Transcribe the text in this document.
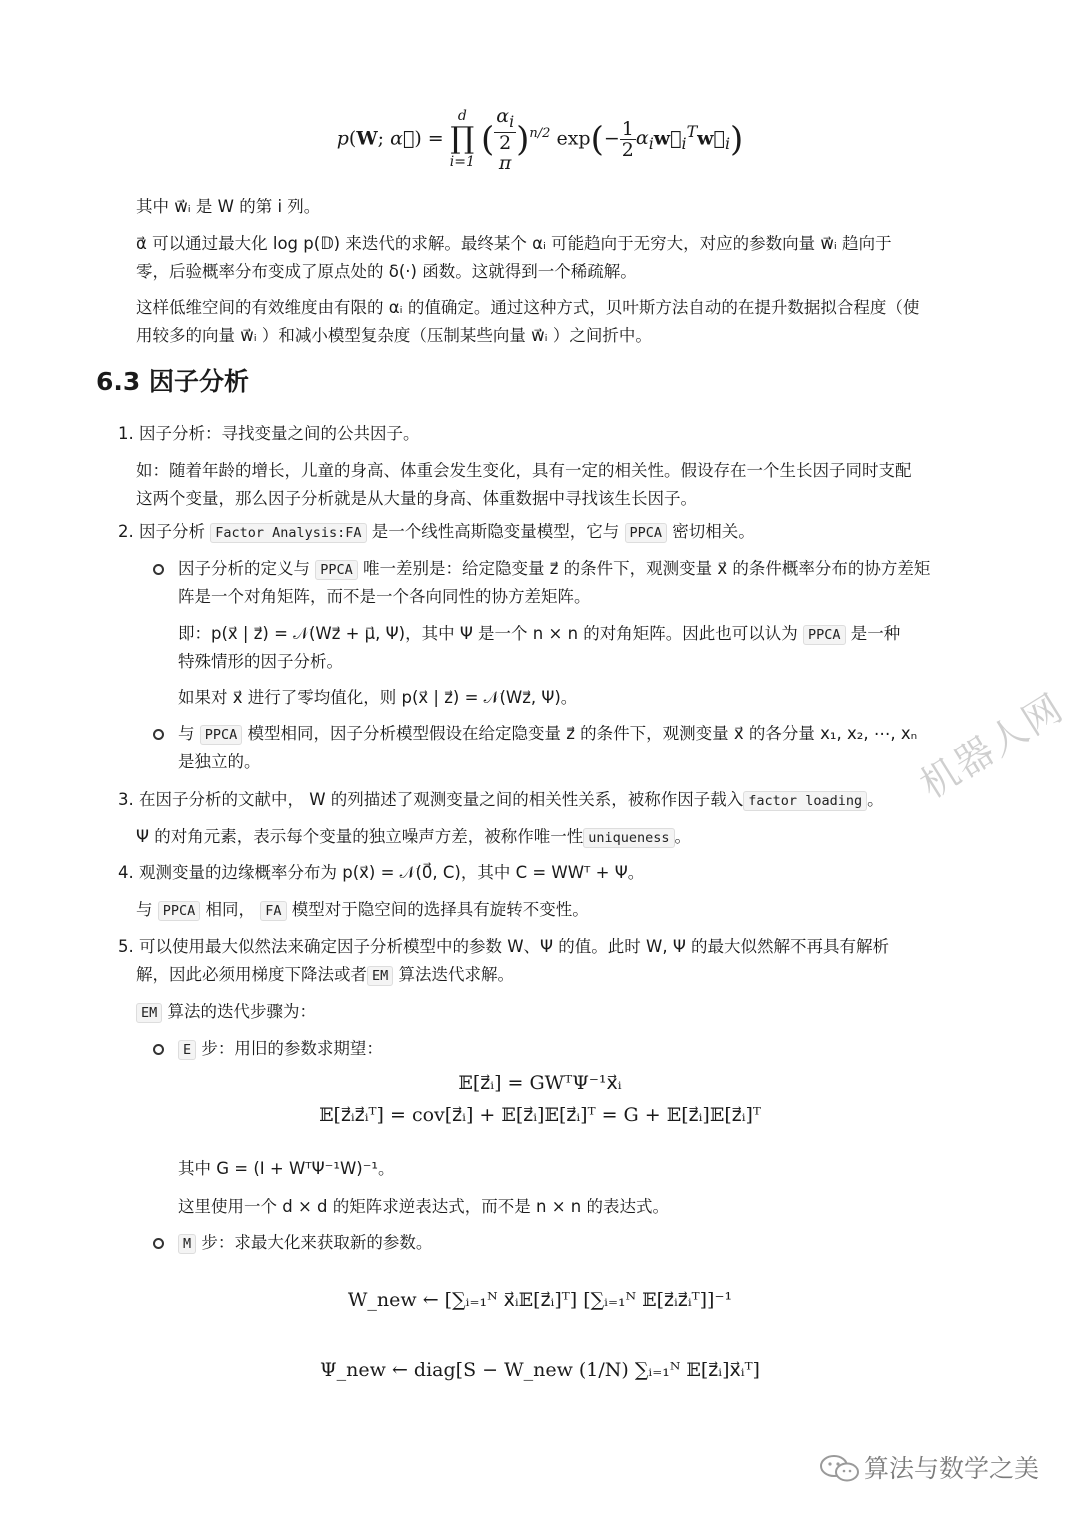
p(W; α⃗) =
d
∏
i=1
( $\alpha_i$
2
π )$^{n/2}$ $\exp(- \frac{1}{2}$ $\alpha_iw⃗_i^Tw⃗_i$)
其中 w⃗ᵢ 是 W 的第 i 列。
α⃗ 可以通过最大化 log p(𝔻) 来迭代的求解。最终某个 αᵢ 可能趋向于无穷大，对应的参数向量 w⃗ᵢ 趋向于
零，后验概率分布变成了原点处的 δ(·) 函数。这就得到一个稀疏解。
这样低维空间的有效维度由有限的 αᵢ 的值确定。通过这种方式，贝叶斯方法自动的在提升数据拟合程度（使
用较多的向量 w⃗ᵢ ）和减小模型复杂度（压制某些向量 w⃗ᵢ ）之间折中。
6.3 因子分析
1. 因子分析：寻找变量之间的公共因子。
如：随着年龄的增长，儿童的身高、体重会发生变化，具有一定的相关性。假设存在一个生长因子同时支配
这两个变量，那么因子分析就是从大量的身高、体重数据中寻找该生长因子。
2. 因子分析 Factor Analysis:FA 是一个线性高斯隐变量模型，它与 PPCA 密切相关。
因子分析的定义与 PPCA 唯一差别是：给定隐变量 z⃗ 的条件下，观测变量 x⃗ 的条件概率分布的协方差矩
阵是一个对角矩阵，而不是一个各向同性的协方差矩阵。
即：p(x⃗ | z⃗) = 𝒩(Wz⃗ + μ⃗, Ψ)，其中 Ψ 是一个 n × n 的对角矩阵。因此也可以认为 PPCA 是一种
特殊情形的因子分析。
如果对 x⃗ 进行了零均值化，则 p(x⃗ | z⃗) = 𝒩(Wz⃗, Ψ)。
与 PPCA 模型相同，因子分析模型假设在给定隐变量 z⃗ 的条件下，观测变量 x⃗ 的各分量 x₁, x₂, ⋯, xₙ
是独立的。
3. 在因子分析的文献中， W 的列描述了观测变量之间的相关性关系，被称作因子载入 factor loading 。
Ψ 的对角元素，表示每个变量的独立噪声方差，被称作唯一性 uniqueness 。
4. 观测变量的边缘概率分布为 p(x⃗) = 𝒩(0⃗, C)，其中 C = WWᵀ + Ψ。
与 PPCA 相同， FA 模型对于隐空间的选择具有旋转不变性。
5. 可以使用最大似然法来确定因子分析模型中的参数 W、Ψ 的值。此时 W, Ψ 的最大似然解不再具有解析
解，因此必须用梯度下降法或者 EM 算法迭代求解。
EM 算法的迭代步骤为：
E 步：用旧的参数求期望：
𝔼[z⃗ᵢ] = GWᵀΨ⁻¹x⃗ᵢ
𝔼[z⃗ᵢz⃗ᵢᵀ] = cov[z⃗ᵢ] + 𝔼[z⃗ᵢ]𝔼[z⃗ᵢ]ᵀ = G + 𝔼[z⃗ᵢ]𝔼[z⃗ᵢ]ᵀ
其中 G = (I + WᵀΨ⁻¹W)⁻¹。
这里使用一个 d × d 的矩阵求逆表达式，而不是 n × n 的表达式。
M 步：求最大化来获取新的参数。
W_new ← [∑ᵢ₌₁ᴺ x⃗ᵢ𝔼[z⃗ᵢ]ᵀ] [∑ᵢ₌₁ᴺ 𝔼[z⃗ᵢz⃗ᵢᵀ]]⁻¹
Ψ_new ← diag[S − W_new (1/N) ∑ᵢ₌₁ᴺ 𝔼[z⃗ᵢ]x⃗ᵢᵀ]
机器人网
算法与数学之美
